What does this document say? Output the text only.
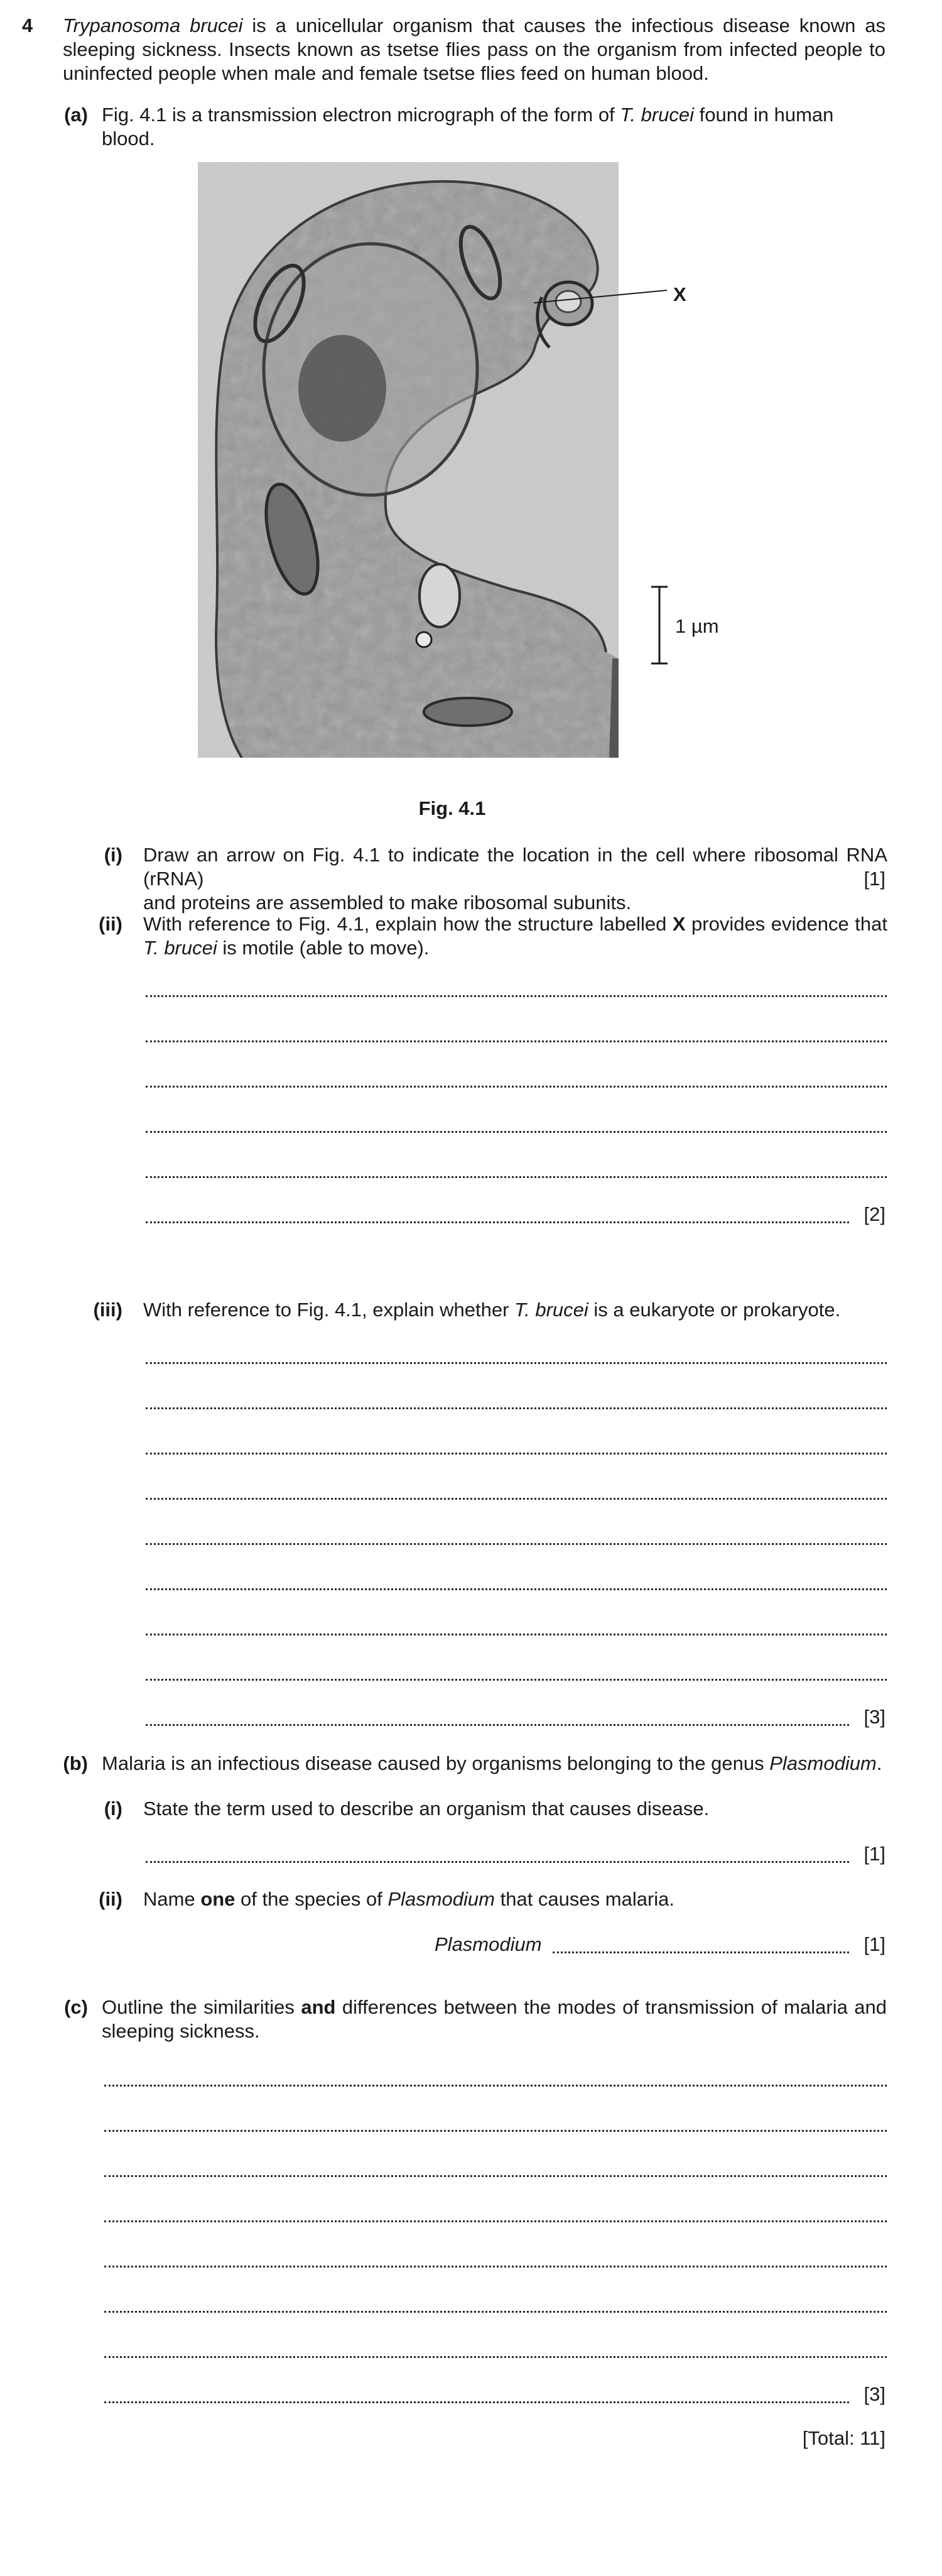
4 Trypanosoma brucei is a unicellular organism that causes the infectious disease known as
sleeping sickness. Insects known as tsetse flies pass on the organism from infected people to
uninfected people when male and female tsetse flies feed on human blood.
(a) Fig. 4.1 is a transmission electron micrograph of the form of T. brucei found in human blood.
X
1 µm
Fig. 4.1
(i) Draw an arrow on Fig. 4.1 to indicate the location in the cell where ribosomal RNA (rRNA)
and proteins are assembled to make ribosomal subunits.
[1]
(ii) With reference to Fig. 4.1, explain how the structure labelled X provides evidence that
T. brucei is motile (able to move).
[2]
(iii) With reference to Fig. 4.1, explain whether T. brucei is a eukaryote or prokaryote.
[3]
(b) Malaria is an infectious disease caused by organisms belonging to the genus Plasmodium.
(i) State the term used to describe an organism that causes disease.
[1]
(ii) Name one of the species of Plasmodium that causes malaria.
Plasmodium	[1]
(c) Outline the similarities and differences between the modes of transmission of malaria and
sleeping sickness.
[3]
[Total: 11]
